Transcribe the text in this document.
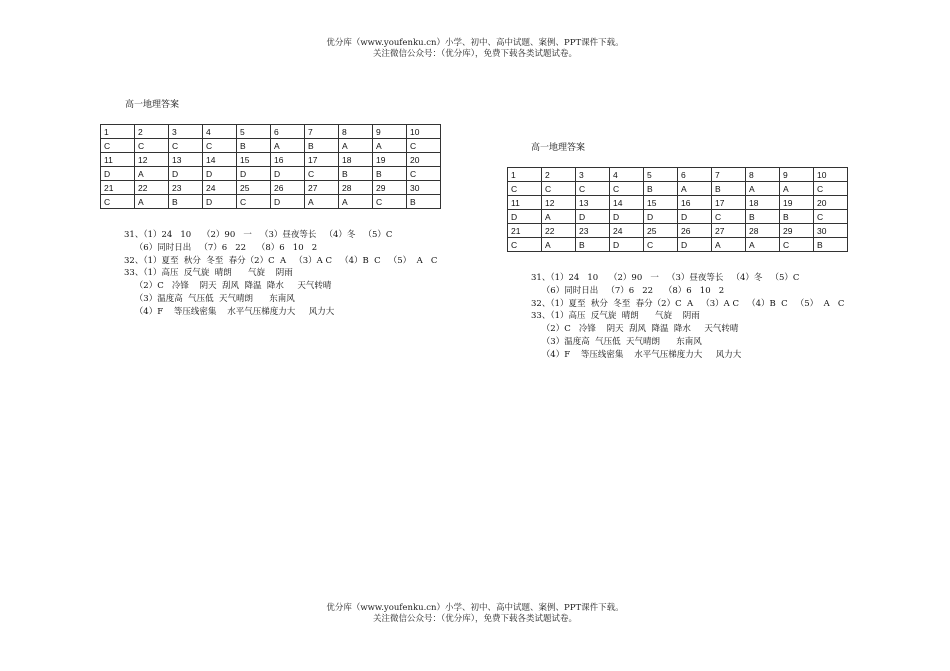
优分库（www.youfenku.cn）小学、初中、高中试题、案例、PPT课件下载。
关注微信公众号：（优分库），免费下载各类试题试卷。
高一地理答案
1	2	3	4	5	6	7	8	9	10
C	C	C	C	B	A	B	A	A	C
11	12	13	14	15	16	17	18	19	20
D	A	D	D	D	D	C	B	B	C
21	22	23	24	25	26	27	28	29	30
C	A	B	D	C	D	A	A	C	B
31、（1）24   10    （2）90   一   （3）昼夜等长   （4）冬   （5）C
（6）同时日出   （7）6   22    （8）6   10   2
32、（1）夏至  秋分  冬至  春分（2）C  A   （3）A C   （4）B  C   （5）  A   C
33、（1）高压  反气旋  晴朗      气旋    阴雨
（2）C   冷锋    阴天  刮风  降温  降水     天气转晴
（3）温度高  气压低  天气晴朗      东南风
（4）F    等压线密集    水平气压梯度力大     风力大
高一地理答案
1	2	3	4	5	6	7	8	9	10
C	C	C	C	B	A	B	A	A	C
11	12	13	14	15	16	17	18	19	20
D	A	D	D	D	D	C	B	B	C
21	22	23	24	25	26	27	28	29	30
C	A	B	D	C	D	A	A	C	B
31、（1）24   10    （2）90   一   （3）昼夜等长   （4）冬   （5）C
（6）同时日出   （7）6   22    （8）6   10   2
32、（1）夏至  秋分  冬至  春分（2）C  A   （3）A C   （4）B  C   （5）  A   C
33、（1）高压  反气旋  晴朗      气旋    阴雨
（2）C   冷锋    阴天  刮风  降温  降水     天气转晴
（3）温度高  气压低  天气晴朗      东南风
（4）F    等压线密集    水平气压梯度力大     风力大
优分库（www.youfenku.cn）小学、初中、高中试题、案例、PPT课件下载。
关注微信公众号：（优分库），免费下载各类试题试卷。
